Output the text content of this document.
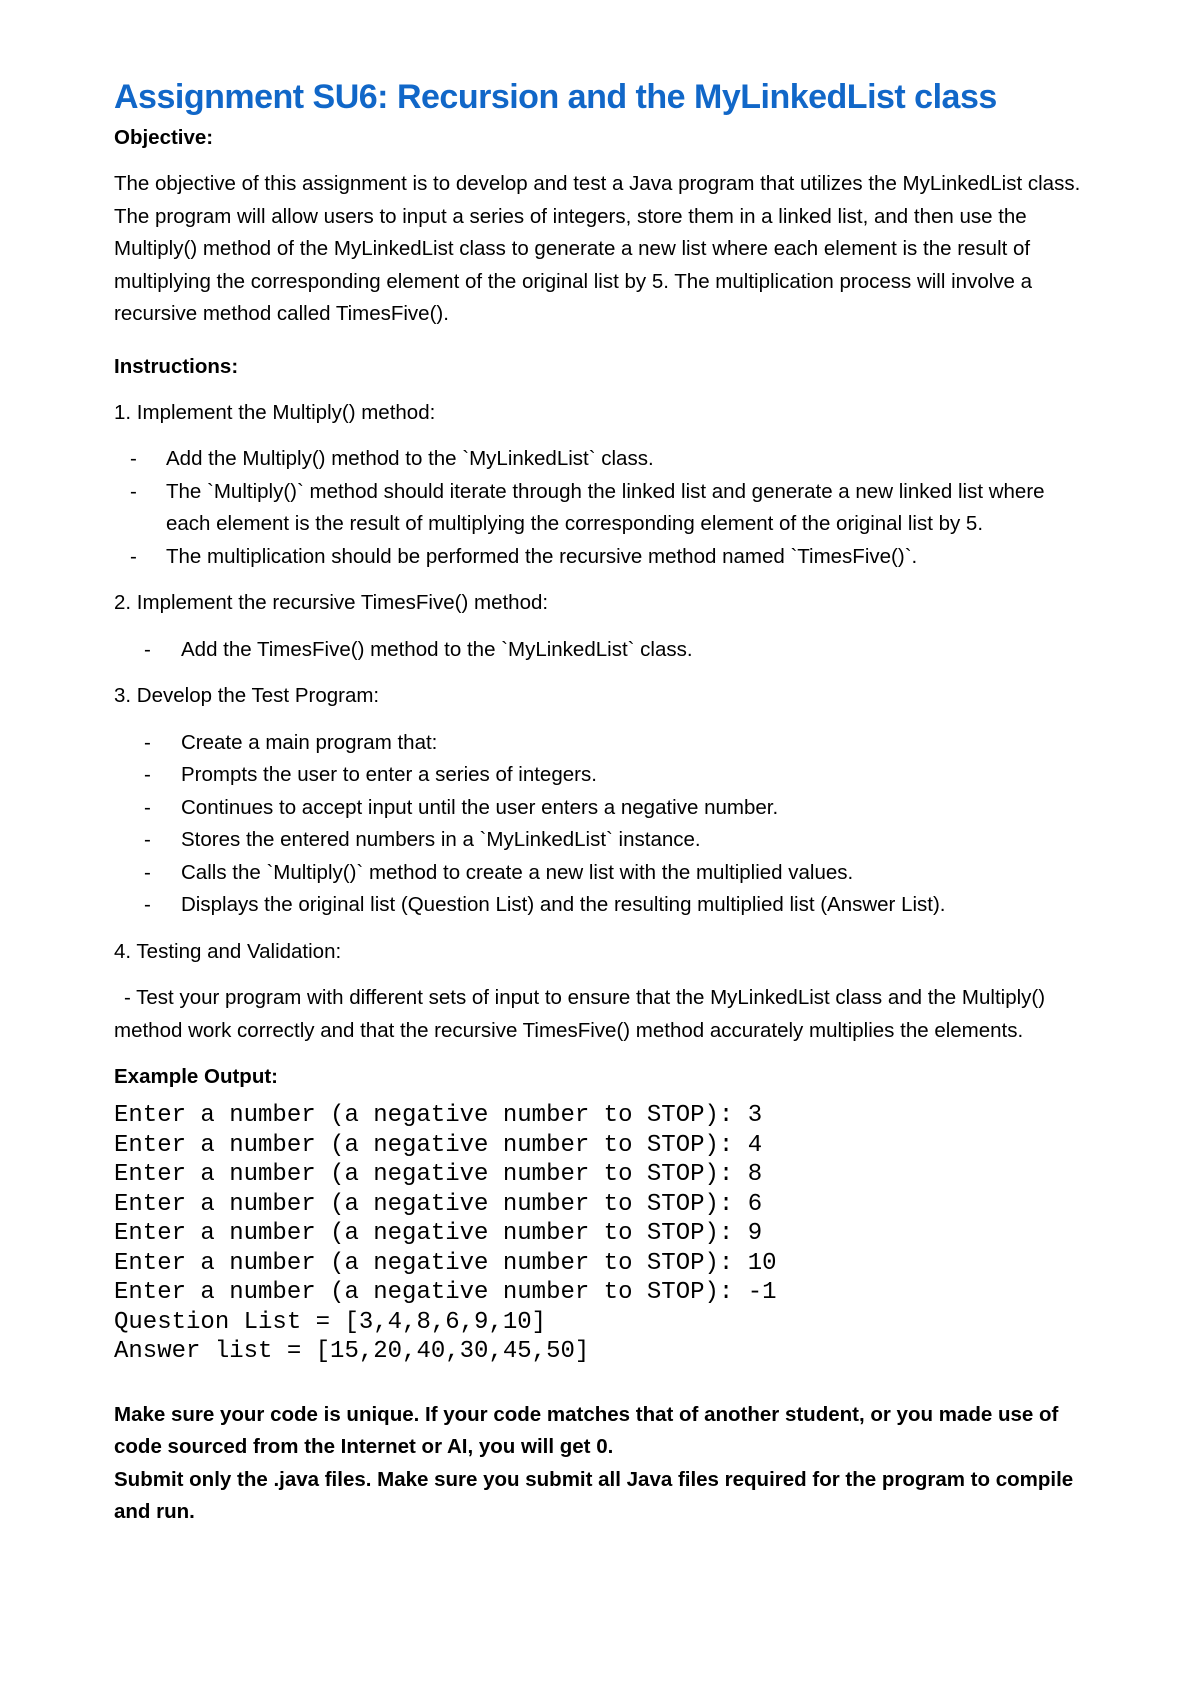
Assignment SU6: Recursion and the MyLinkedList class

Objective:

The objective of this assignment is to develop and test a Java program that utilizes the MyLinkedList class. The program will allow users to input a series of integers, store them in a linked list, and then use the Multiply() method of the MyLinkedList class to generate a new list where each element is the result of multiplying the corresponding element of the original list by 5. The multiplication process will involve a recursive method called TimesFive().

Instructions:

1. Implement the Multiply() method:

- Add the Multiply() method to the `MyLinkedList` class.
- The `Multiply()` method should iterate through the linked list and generate a new linked list where each element is the result of multiplying the corresponding element of the original list by 5.
- The multiplication should be performed the recursive method named `TimesFive()`.

2. Implement the recursive TimesFive() method:

- Add the TimesFive() method to the `MyLinkedList` class.

3. Develop the Test Program:

- Create a main program that:
- Prompts the user to enter a series of integers.
- Continues to accept input until the user enters a negative number.
- Stores the entered numbers in a `MyLinkedList` instance.
- Calls the `Multiply()` method to create a new list with the multiplied values.
- Displays the original list (Question List) and the resulting multiplied list (Answer List).

4. Testing and Validation:

- Test your program with different sets of input to ensure that the MyLinkedList class and the Multiply() method work correctly and that the recursive TimesFive() method accurately multiplies the elements.

Example Output:

Enter a number (a negative number to STOP): 3

Enter a number (a negative number to STOP): 4

Enter a number (a negative number to STOP): 8

Enter a number (a negative number to STOP): 6

Enter a number (a negative number to STOP): 9

Enter a number (a negative number to STOP): 10

Enter a number (a negative number to STOP): -1

Question List = [3,4,8,6,9,10]

Answer list = [15,20,40,30,45,50]

Make sure your code is unique. If your code matches that of another student, or you made use of code sourced from the Internet or AI, you will get 0.

Submit only the .java files. Make sure you submit all Java files required for the program to compile and run.
